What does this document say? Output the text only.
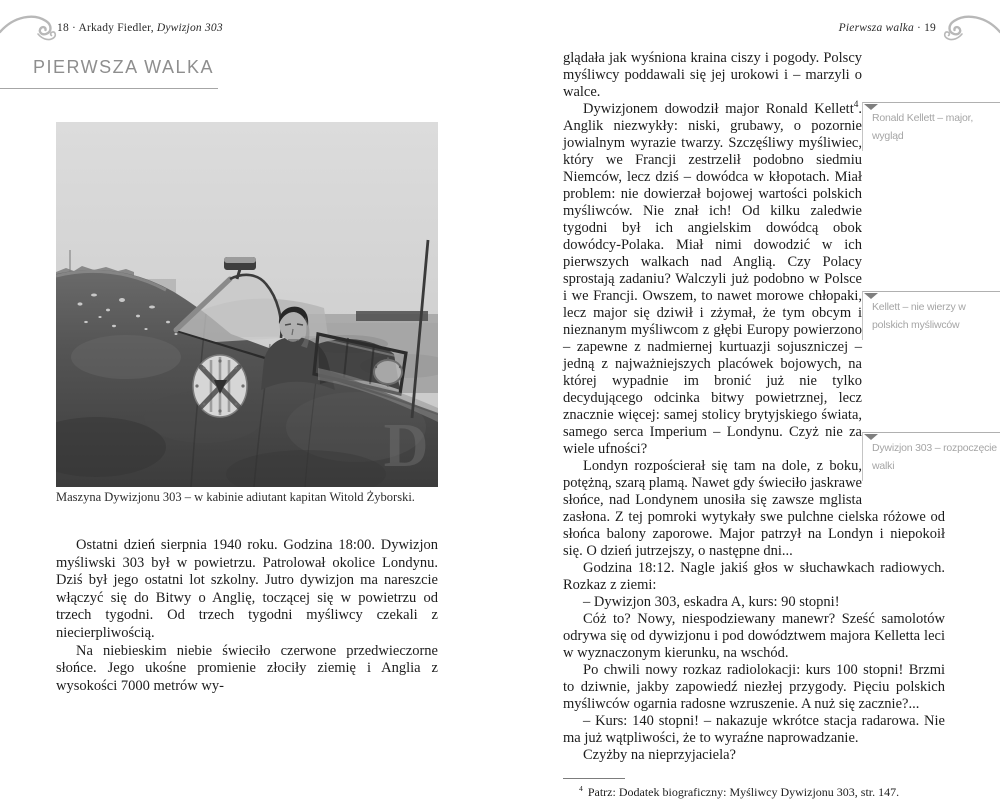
18 · Arkady Fiedler, Dywizjon 303
PIERWSZA WALKA
D
Maszyna Dywizjonu 303 – w kabinie adiutant kapitan Witold Żyborski.

Ostatni dzień sierpnia 1940 roku. Godzina 18:00. Dywizjon myśliwski 303 był w powietrzu. Patrolował okolice Londynu. Dziś był jego ostatni lot szkolny. Jutro dywizjon ma nareszcie włączyć się do Bitwy o Anglię, toczącej się w powietrzu od trzech tygodni. Od trzech tygodni myśliwcy czekali z niecierpliwością.

Na niebieskim niebie świeciło czerwone przedwieczorne słońce. Jego ukośne promienie złociły ziemię i Anglia z wysokości 7000 metrów wy-

Pierwsza walka · 19
Ronald Kellett – major, wygląd
Kellett – nie wierzy w polskich myśliwców
Dywizjon 303 – rozpoczęcie walki

glądała jak wyśniona kraina ciszy i pogody. Polscy myśliwcy poddawali się jej urokowi i – marzyli o walce.

Dywizjonem dowodził major Ronald Kellett$^4$. Anglik niezwykły: niski, grubawy, o pozornie jowialnym wyrazie twarzy. Szczęśliwy myśliwiec, który we Francji zestrzelił podobno siedmiu Niemców, lecz dziś – dowódca w kłopotach. Miał problem: nie dowierzał bojowej wartości polskich myśliwców. Nie znał ich! Od kilku zaledwie tygodni był ich angielskim dowódcą obok dowódcy-Polaka. Miał nimi dowodzić w ich pierwszych walkach nad Anglią. Czy Polacy sprostają zadaniu? Walczyli już podobno w Polsce i we Francji. Owszem, to nawet morowe chłopaki, lecz major się dziwił i zżymał, że tym obcym i nieznanym myśliwcom z głębi Europy powierzono – zapewne z nadmiernej kurtuazji sojuszniczej – jedną z najważniejszych placówek bojowych, na której wypadnie im bronić już nie tylko decydującego odcinka bitwy powietrznej, lecz znacznie więcej: samej stolicy brytyjskiego świata, samego serca Imperium – Londynu. Czyż nie za wiele ufności?

Londyn rozpościerał się tam na dole, z boku, potężną, szarą plamą. Nawet gdy świeciło jaskrawe słońce, nad Londynem unosiła się zawsze mglista zasłona. Z tej pomroki wytykały swe pulchne cielska różowe od słońca balony zaporowe. Major patrzył na Londyn i niepokoił się. O dzień jutrzejszy, o następne dni...

Godzina 18:12. Nagle jakiś głos w słuchawkach radiowych. Rozkaz z ziemi:

– Dywizjon 303, eskadra A, kurs: 90 stopni!

Cóż to? Nowy, niespodziewany manewr? Sześć samolotów odrywa się od dywizjonu i pod dowództwem majora Kelletta leci w wyznaczonym kierunku, na wschód.

Po chwili nowy rozkaz radiolokacji: kurs 100 stopni! Brzmi to dziwnie, jakby zapowiedź niezłej przygody. Pięciu polskich myśliwców ogarnia radosne wzruszenie. A nuż się zacznie?...

– Kurs: 140 stopni! – nakazuje wkrótce stacja radarowa. Nie ma już wątpliwości, że to wyraźne naprowadzanie.

Czyżby na nieprzyjaciela?

$^4$ Patrz: Dodatek biograficzny: Myśliwcy Dywizjonu 303, str. 147.
